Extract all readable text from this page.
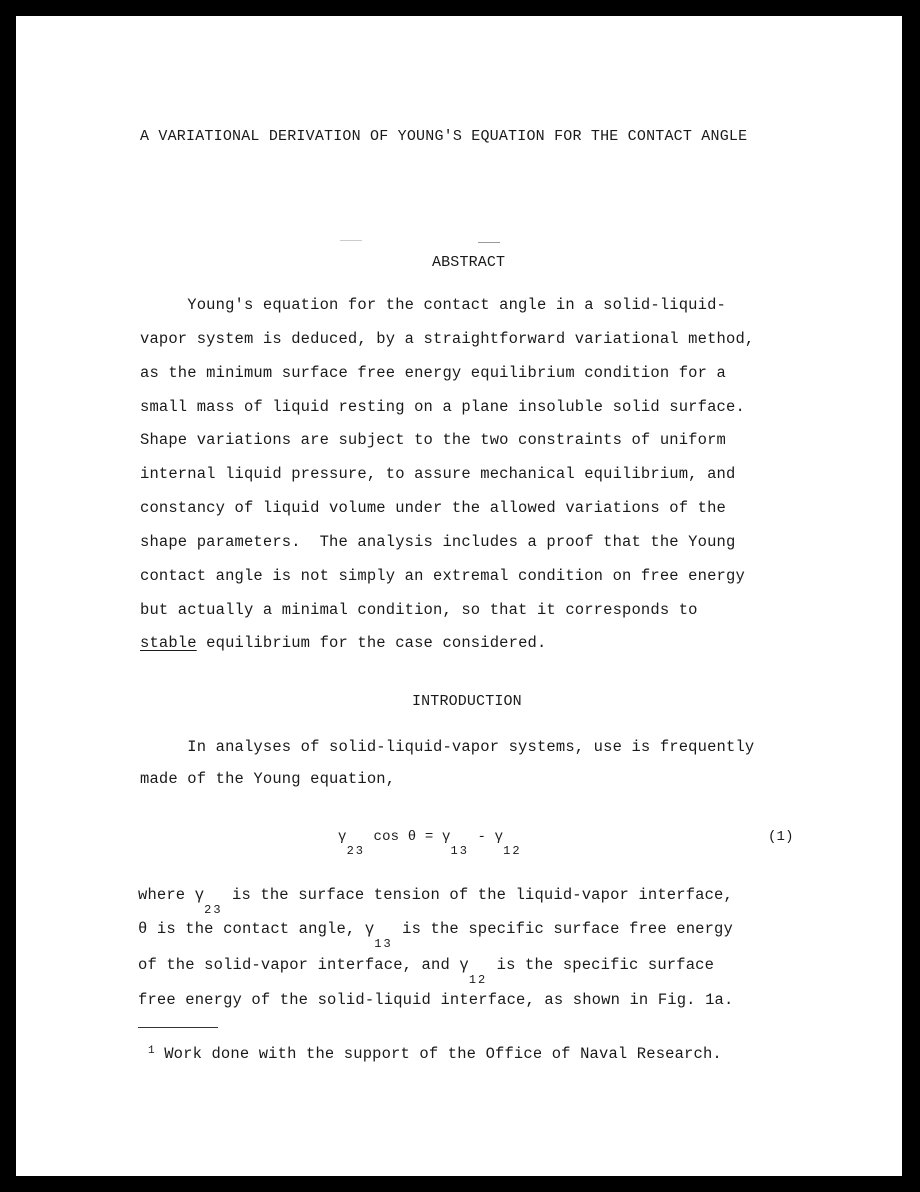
A VARIATIONAL DERIVATION OF YOUNG'S EQUATION FOR THE CONTACT ANGLE
ABSTRACT
Young's equation for the contact angle in a solid-liquid-
vapor system is deduced, by a straightforward variational method,
as the minimum surface free energy equilibrium condition for a
small mass of liquid resting on a plane insoluble solid surface.
Shape variations are subject to the two constraints of uniform
internal liquid pressure, to assure mechanical equilibrium, and
constancy of liquid volume under the allowed variations of the
shape parameters.  The analysis includes a proof that the Young
contact angle is not simply an extremal condition on free energy
but actually a minimal condition, so that it corresponds to
stable equilibrium for the case considered.
INTRODUCTION
In analyses of solid-liquid-vapor systems, use is frequently
made of the Young equation,
γ23 cos θ = γ13 - γ12
(1)
where $\gamma_{23}$ is the surface tension of the liquid-vapor interface,
θ is the contact angle, $\gamma_{13}$ is the specific surface free energy
of the solid-vapor interface, and $\gamma_{12}$ is the specific surface
free energy of the solid-liquid interface, as shown in Fig. 1a.
$^1$ Work done with the support of the Office of Naval Research.
